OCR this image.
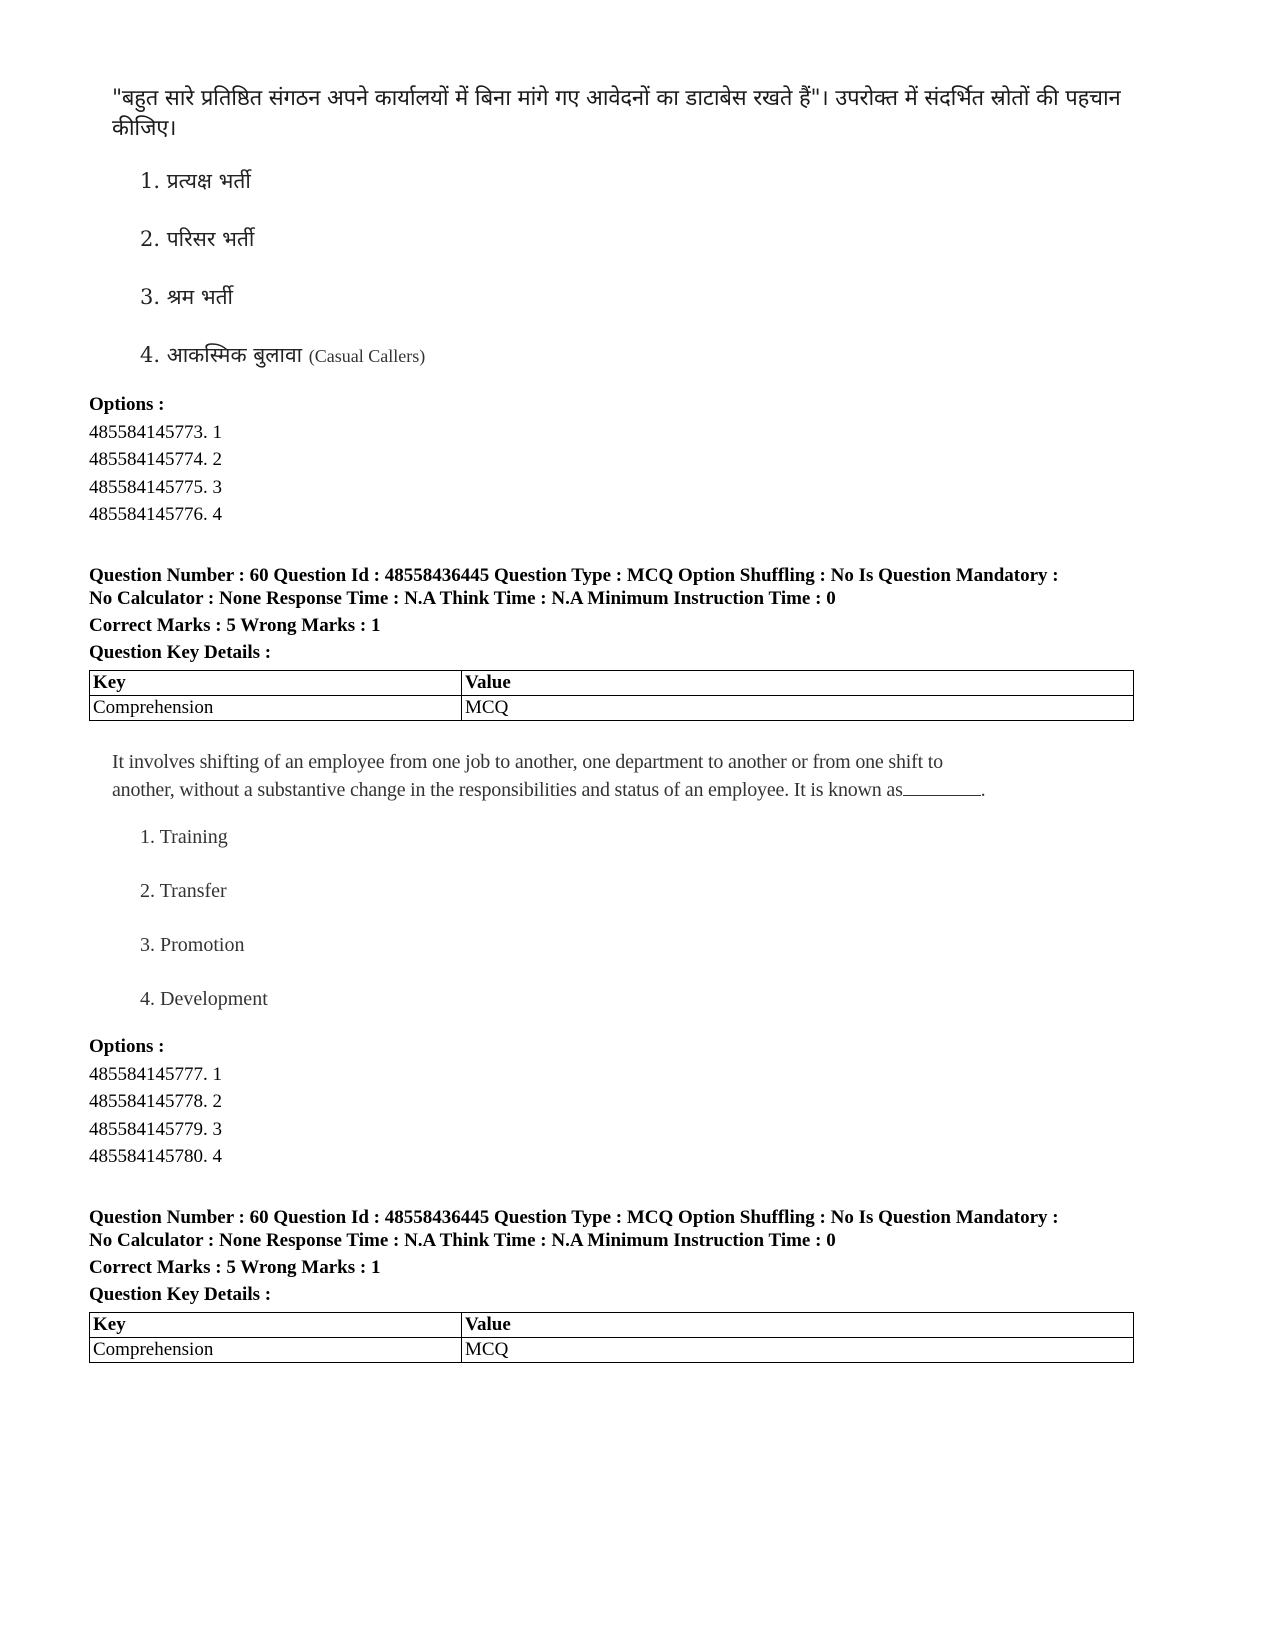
"बहुत सारे प्रतिष्ठित संगठन अपने कार्यालयों में बिना मांगे गए आवेदनों का डाटाबेस रखते हैं"। उपरोक्त में संदर्भित स्रोतों की पहचान कीजिए।
1. प्रत्यक्ष भर्ती
2. परिसर भर्ती
3. श्रम भर्ती
4. आकस्मिक बुलावा (Casual Callers)
Options :
485584145773. 1
485584145774. 2
485584145775. 3
485584145776. 4
Question Number : 60 Question Id : 48558436445 Question Type : MCQ Option Shuffling : No Is Question Mandatory :
No Calculator : None Response Time : N.A Think Time : N.A Minimum Instruction Time : 0
Correct Marks : 5 Wrong Marks : 1
Question Key Details :
Key	Value
Comprehension	MCQ
It involves shifting of an employee from one job to another, one department to another or from one shift to
another, without a substantive change in the responsibilities and status of an employee. It is known as	.
1. Training
2. Transfer
3. Promotion
4. Development
Options :
485584145777. 1
485584145778. 2
485584145779. 3
485584145780. 4
Question Number : 60 Question Id : 48558436445 Question Type : MCQ Option Shuffling : No Is Question Mandatory :
No Calculator : None Response Time : N.A Think Time : N.A Minimum Instruction Time : 0
Correct Marks : 5 Wrong Marks : 1
Question Key Details :
Key	Value
Comprehension	MCQ
